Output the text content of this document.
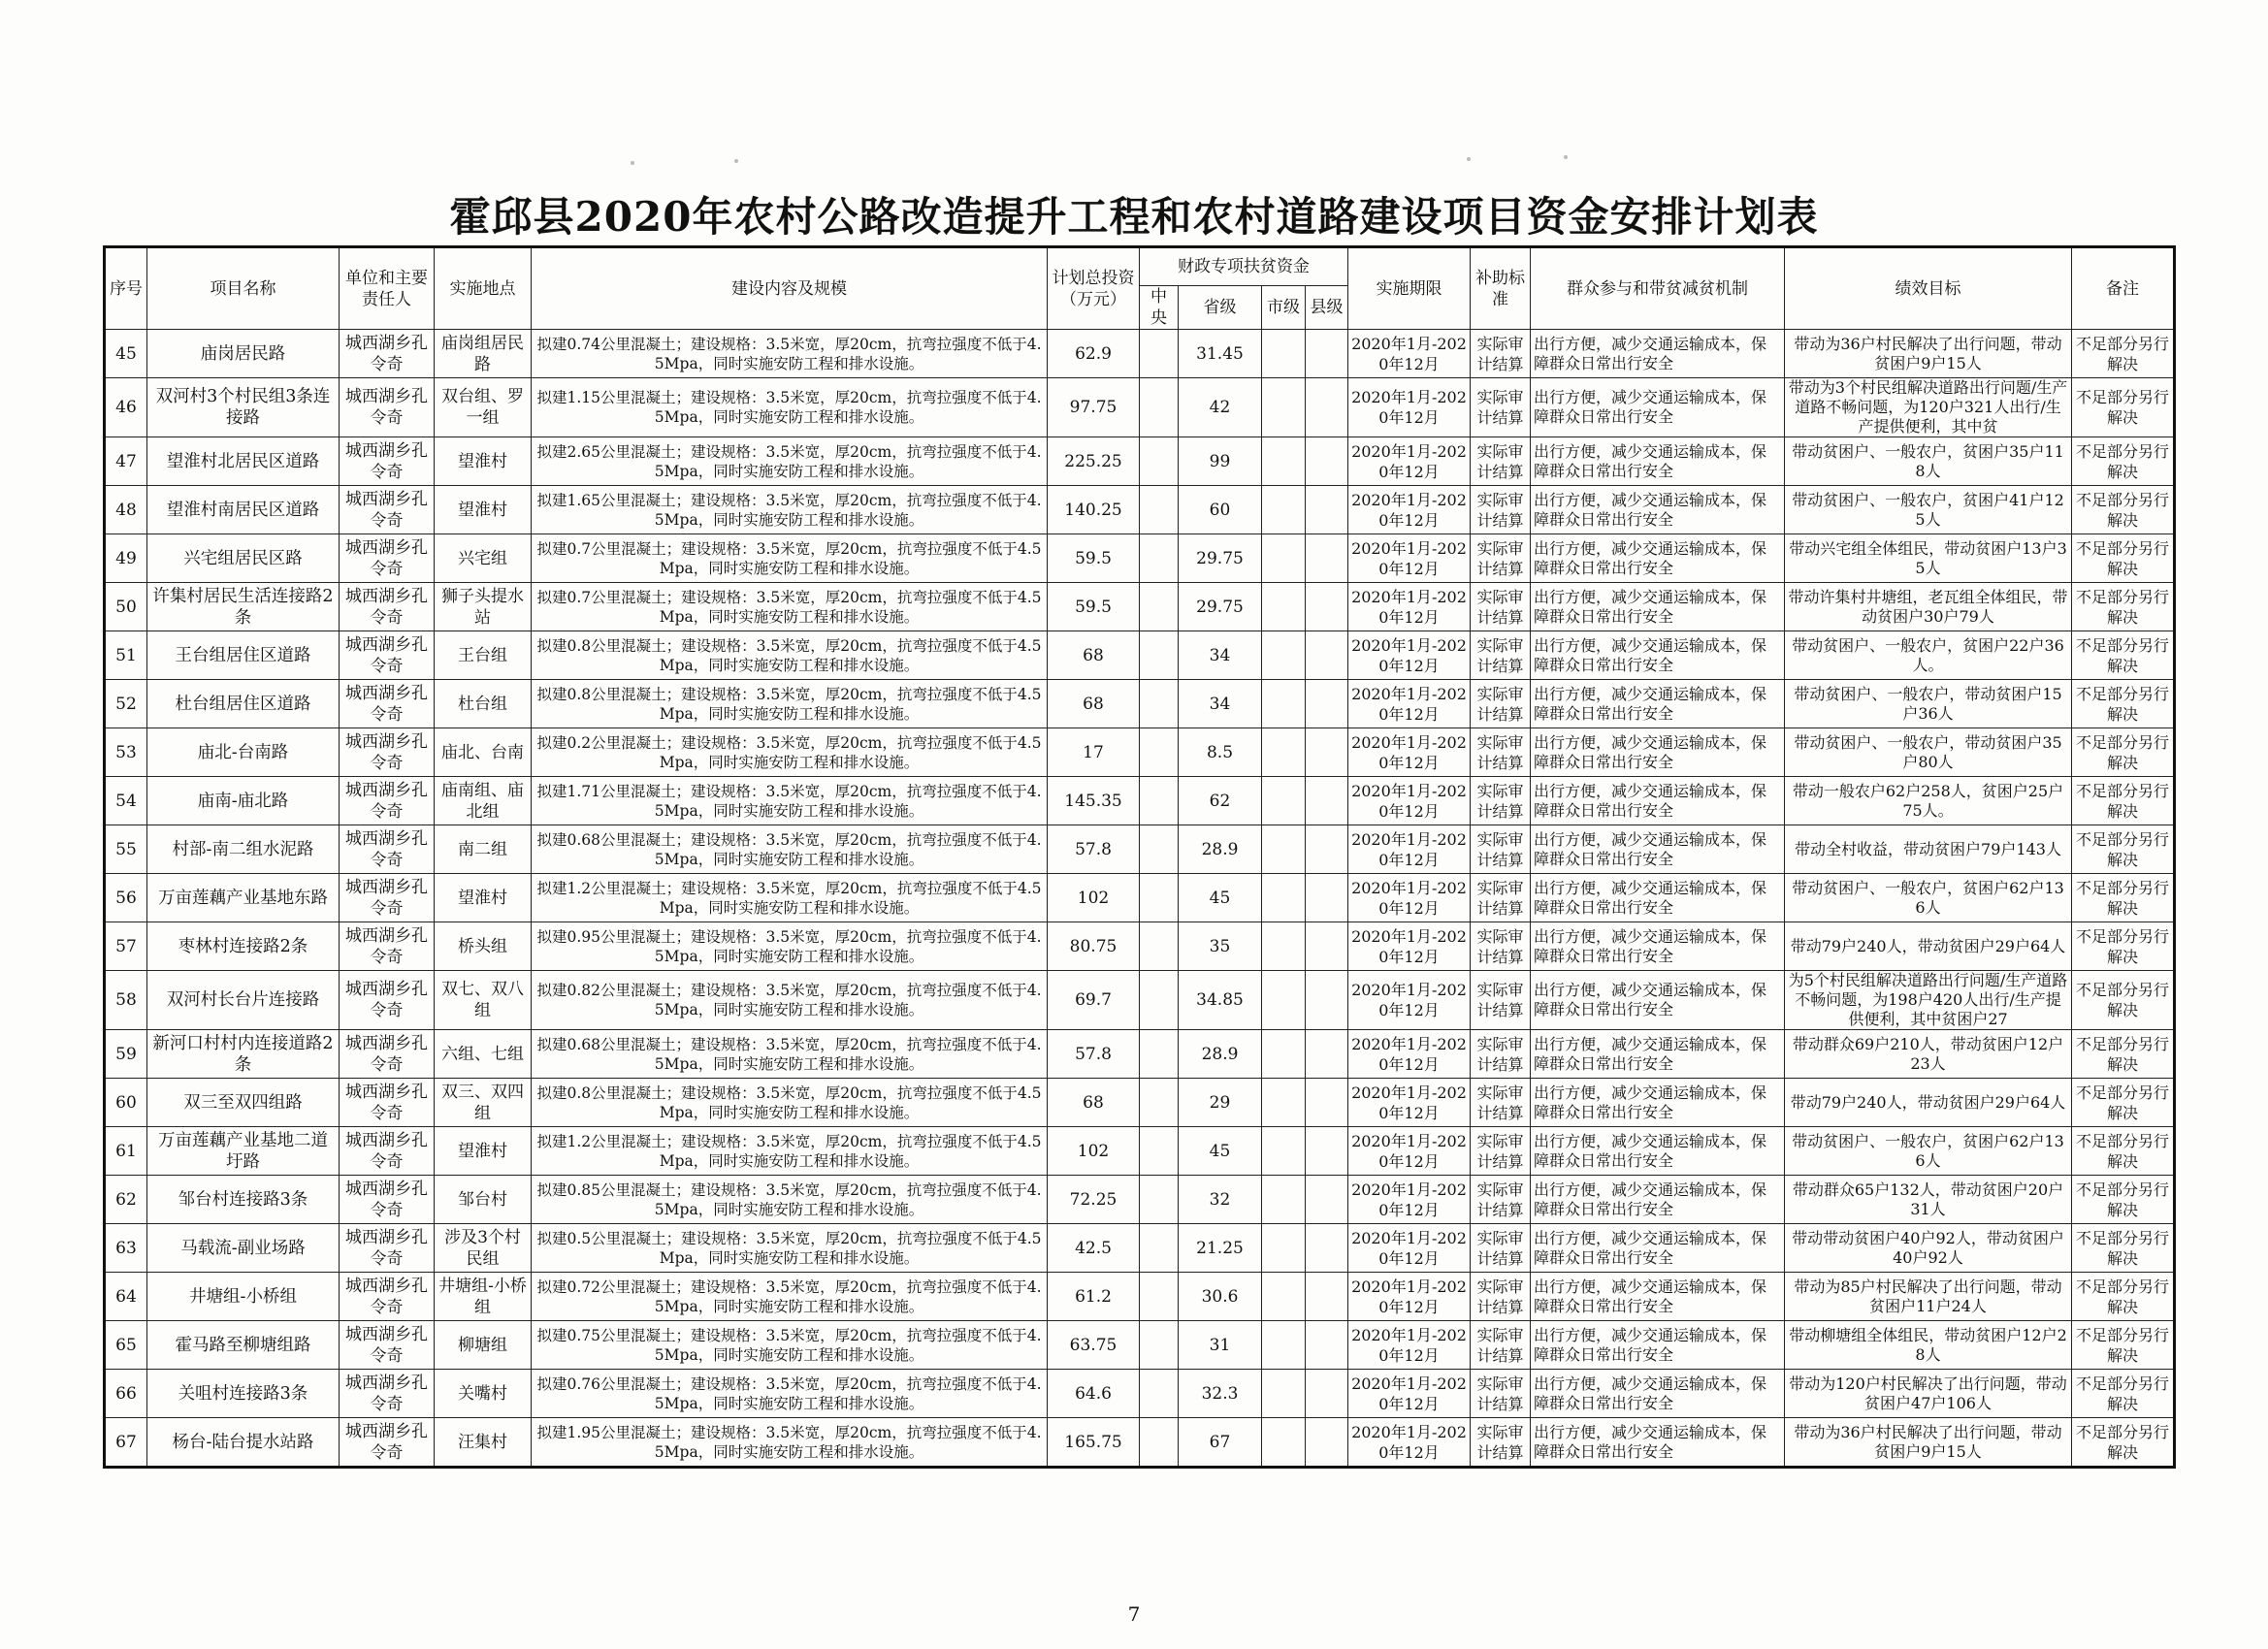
霍邱县2020年农村公路改造提升工程和农村道路建设项目资金安排计划表
序号	项目名称	单位和主要责任人	实施地点	建设内容及规模	计划总投资（万元）	财政专项扶贫资金				实施期限	补助标准	群众参与和带贫减贫机制	绩效目标	备注
						中央	省级	市级	县级					
45	庙岗居民路	城西湖乡孔令奇	庙岗组居民路	拟建0.74公里混凝土；建设规格：3.5米宽，厚20cm，抗弯拉强度不低于4.5Mpa，同时实施安防工程和排水设施。	62.9		31.45			2020年1月-2020年12月	实际审计结算	出行方便，减少交通运输成本，保障群众日常出行安全	带动为36户村民解决了出行问题，带动贫困户9户15人	不足部分另行解决
46	双河村3个村民组3条连接路	城西湖乡孔令奇	双台组、罗一组	拟建1.15公里混凝土；建设规格：3.5米宽，厚20cm，抗弯拉强度不低于4.5Mpa，同时实施安防工程和排水设施。	97.75		42			2020年1月-2020年12月	实际审计结算	出行方便，减少交通运输成本，保障群众日常出行安全	带动为3个村民组解决道路出行问题/生产道路不畅问题，为120户321人出行/生产提供便利，其中贫	不足部分另行解决
47	望淮村北居民区道路	城西湖乡孔令奇	望淮村	拟建2.65公里混凝土；建设规格：3.5米宽，厚20cm，抗弯拉强度不低于4.5Mpa，同时实施安防工程和排水设施。	225.25		99			2020年1月-2020年12月	实际审计结算	出行方便，减少交通运输成本，保障群众日常出行安全	带动贫困户、一般农户，贫困户35户118人	不足部分另行解决
48	望淮村南居民区道路	城西湖乡孔令奇	望淮村	拟建1.65公里混凝土；建设规格：3.5米宽，厚20cm，抗弯拉强度不低于4.5Mpa，同时实施安防工程和排水设施。	140.25		60			2020年1月-2020年12月	实际审计结算	出行方便，减少交通运输成本，保障群众日常出行安全	带动贫困户、一般农户，贫困户41户125人	不足部分另行解决
49	兴宅组居民区路	城西湖乡孔令奇	兴宅组	拟建0.7公里混凝土；建设规格：3.5米宽，厚20cm，抗弯拉强度不低于4.5Mpa，同时实施安防工程和排水设施。	59.5		29.75			2020年1月-2020年12月	实际审计结算	出行方便，减少交通运输成本，保障群众日常出行安全	带动兴宅组全体组民，带动贫困户13户35人	不足部分另行解决
50	许集村居民生活连接路2条	城西湖乡孔令奇	狮子头提水站	拟建0.7公里混凝土；建设规格：3.5米宽，厚20cm，抗弯拉强度不低于4.5Mpa，同时实施安防工程和排水设施。	59.5		29.75			2020年1月-2020年12月	实际审计结算	出行方便，减少交通运输成本，保障群众日常出行安全	带动许集村井塘组，老瓦组全体组民，带动贫困户30户79人	不足部分另行解决
51	王台组居住区道路	城西湖乡孔令奇	王台组	拟建0.8公里混凝土；建设规格：3.5米宽，厚20cm，抗弯拉强度不低于4.5Mpa，同时实施安防工程和排水设施。	68		34			2020年1月-2020年12月	实际审计结算	出行方便，减少交通运输成本，保障群众日常出行安全	带动贫困户、一般农户，贫困户22户36人。	不足部分另行解决
52	杜台组居住区道路	城西湖乡孔令奇	杜台组	拟建0.8公里混凝土；建设规格：3.5米宽，厚20cm，抗弯拉强度不低于4.5Mpa，同时实施安防工程和排水设施。	68		34			2020年1月-2020年12月	实际审计结算	出行方便，减少交通运输成本，保障群众日常出行安全	带动贫困户、一般农户，带动贫困户15户36人	不足部分另行解决
53	庙北-台南路	城西湖乡孔令奇	庙北、台南	拟建0.2公里混凝土；建设规格：3.5米宽，厚20cm，抗弯拉强度不低于4.5Mpa，同时实施安防工程和排水设施。	17		8.5			2020年1月-2020年12月	实际审计结算	出行方便，减少交通运输成本，保障群众日常出行安全	带动贫困户、一般农户，带动贫困户35户80人	不足部分另行解决
54	庙南-庙北路	城西湖乡孔令奇	庙南组、庙北组	拟建1.71公里混凝土；建设规格：3.5米宽，厚20cm，抗弯拉强度不低于4.5Mpa，同时实施安防工程和排水设施。	145.35		62			2020年1月-2020年12月	实际审计结算	出行方便，减少交通运输成本，保障群众日常出行安全	带动一般农户62户258人，贫困户25户75人。	不足部分另行解决
55	村部-南二组水泥路	城西湖乡孔令奇	南二组	拟建0.68公里混凝土；建设规格：3.5米宽，厚20cm，抗弯拉强度不低于4.5Mpa，同时实施安防工程和排水设施。	57.8		28.9			2020年1月-2020年12月	实际审计结算	出行方便，减少交通运输成本，保障群众日常出行安全	带动全村收益，带动贫困户79户143人	不足部分另行解决
56	万亩莲藕产业基地东路	城西湖乡孔令奇	望淮村	拟建1.2公里混凝土；建设规格：3.5米宽，厚20cm，抗弯拉强度不低于4.5Mpa，同时实施安防工程和排水设施。	102		45			2020年1月-2020年12月	实际审计结算	出行方便，减少交通运输成本，保障群众日常出行安全	带动贫困户、一般农户，贫困户62户136人	不足部分另行解决
57	枣林村连接路2条	城西湖乡孔令奇	桥头组	拟建0.95公里混凝土；建设规格：3.5米宽，厚20cm，抗弯拉强度不低于4.5Mpa，同时实施安防工程和排水设施。	80.75		35			2020年1月-2020年12月	实际审计结算	出行方便，减少交通运输成本，保障群众日常出行安全	带动79户240人，带动贫困户29户64人	不足部分另行解决
58	双河村长台片连接路	城西湖乡孔令奇	双七、双八组	拟建0.82公里混凝土；建设规格：3.5米宽，厚20cm，抗弯拉强度不低于4.5Mpa，同时实施安防工程和排水设施。	69.7		34.85			2020年1月-2020年12月	实际审计结算	出行方便，减少交通运输成本，保障群众日常出行安全	为5个村民组解决道路出行问题/生产道路不畅问题，为198户420人出行/生产提供便利，其中贫困户27	不足部分另行解决
59	新河口村村内连接道路2条	城西湖乡孔令奇	六组、七组	拟建0.68公里混凝土；建设规格：3.5米宽，厚20cm，抗弯拉强度不低于4.5Mpa，同时实施安防工程和排水设施。	57.8		28.9			2020年1月-2020年12月	实际审计结算	出行方便，减少交通运输成本，保障群众日常出行安全	带动群众69户210人，带动贫困户12户23人	不足部分另行解决
60	双三至双四组路	城西湖乡孔令奇	双三、双四组	拟建0.8公里混凝土；建设规格：3.5米宽，厚20cm，抗弯拉强度不低于4.5Mpa，同时实施安防工程和排水设施。	68		29			2020年1月-2020年12月	实际审计结算	出行方便，减少交通运输成本，保障群众日常出行安全	带动79户240人，带动贫困户29户64人	不足部分另行解决
61	万亩莲藕产业基地二道圩路	城西湖乡孔令奇	望淮村	拟建1.2公里混凝土；建设规格：3.5米宽，厚20cm，抗弯拉强度不低于4.5Mpa，同时实施安防工程和排水设施。	102		45			2020年1月-2020年12月	实际审计结算	出行方便，减少交通运输成本，保障群众日常出行安全	带动贫困户、一般农户，贫困户62户136人	不足部分另行解决
62	邹台村连接路3条	城西湖乡孔令奇	邹台村	拟建0.85公里混凝土；建设规格：3.5米宽，厚20cm，抗弯拉强度不低于4.5Mpa，同时实施安防工程和排水设施。	72.25		32			2020年1月-2020年12月	实际审计结算	出行方便，减少交通运输成本，保障群众日常出行安全	带动群众65户132人，带动贫困户20户31人	不足部分另行解决
63	马载流-副业场路	城西湖乡孔令奇	涉及3个村民组	拟建0.5公里混凝土；建设规格：3.5米宽，厚20cm，抗弯拉强度不低于4.5Mpa，同时实施安防工程和排水设施。	42.5		21.25			2020年1月-2020年12月	实际审计结算	出行方便，减少交通运输成本，保障群众日常出行安全	带动带动贫困户40户92人，带动贫困户40户92人	不足部分另行解决
64	井塘组-小桥组	城西湖乡孔令奇	井塘组-小桥组	拟建0.72公里混凝土；建设规格：3.5米宽，厚20cm，抗弯拉强度不低于4.5Mpa，同时实施安防工程和排水设施。	61.2		30.6			2020年1月-2020年12月	实际审计结算	出行方便，减少交通运输成本，保障群众日常出行安全	带动为85户村民解决了出行问题，带动贫困户11户24人	不足部分另行解决
65	霍马路至柳塘组路	城西湖乡孔令奇	柳塘组	拟建0.75公里混凝土；建设规格：3.5米宽，厚20cm，抗弯拉强度不低于4.5Mpa，同时实施安防工程和排水设施。	63.75		31			2020年1月-2020年12月	实际审计结算	出行方便，减少交通运输成本，保障群众日常出行安全	带动柳塘组全体组民，带动贫困户12户28人	不足部分另行解决
66	关咀村连接路3条	城西湖乡孔令奇	关嘴村	拟建0.76公里混凝土；建设规格：3.5米宽，厚20cm，抗弯拉强度不低于4.5Mpa，同时实施安防工程和排水设施。	64.6		32.3			2020年1月-2020年12月	实际审计结算	出行方便，减少交通运输成本，保障群众日常出行安全	带动为120户村民解决了出行问题，带动贫困户47户106人	不足部分另行解决
67	杨台-陆台提水站路	城西湖乡孔令奇	汪集村	拟建1.95公里混凝土；建设规格：3.5米宽，厚20cm，抗弯拉强度不低于4.5Mpa，同时实施安防工程和排水设施。	165.75		67			2020年1月-2020年12月	实际审计结算	出行方便，减少交通运输成本，保障群众日常出行安全	带动为36户村民解决了出行问题，带动贫困户9户15人	不足部分另行解决
7
